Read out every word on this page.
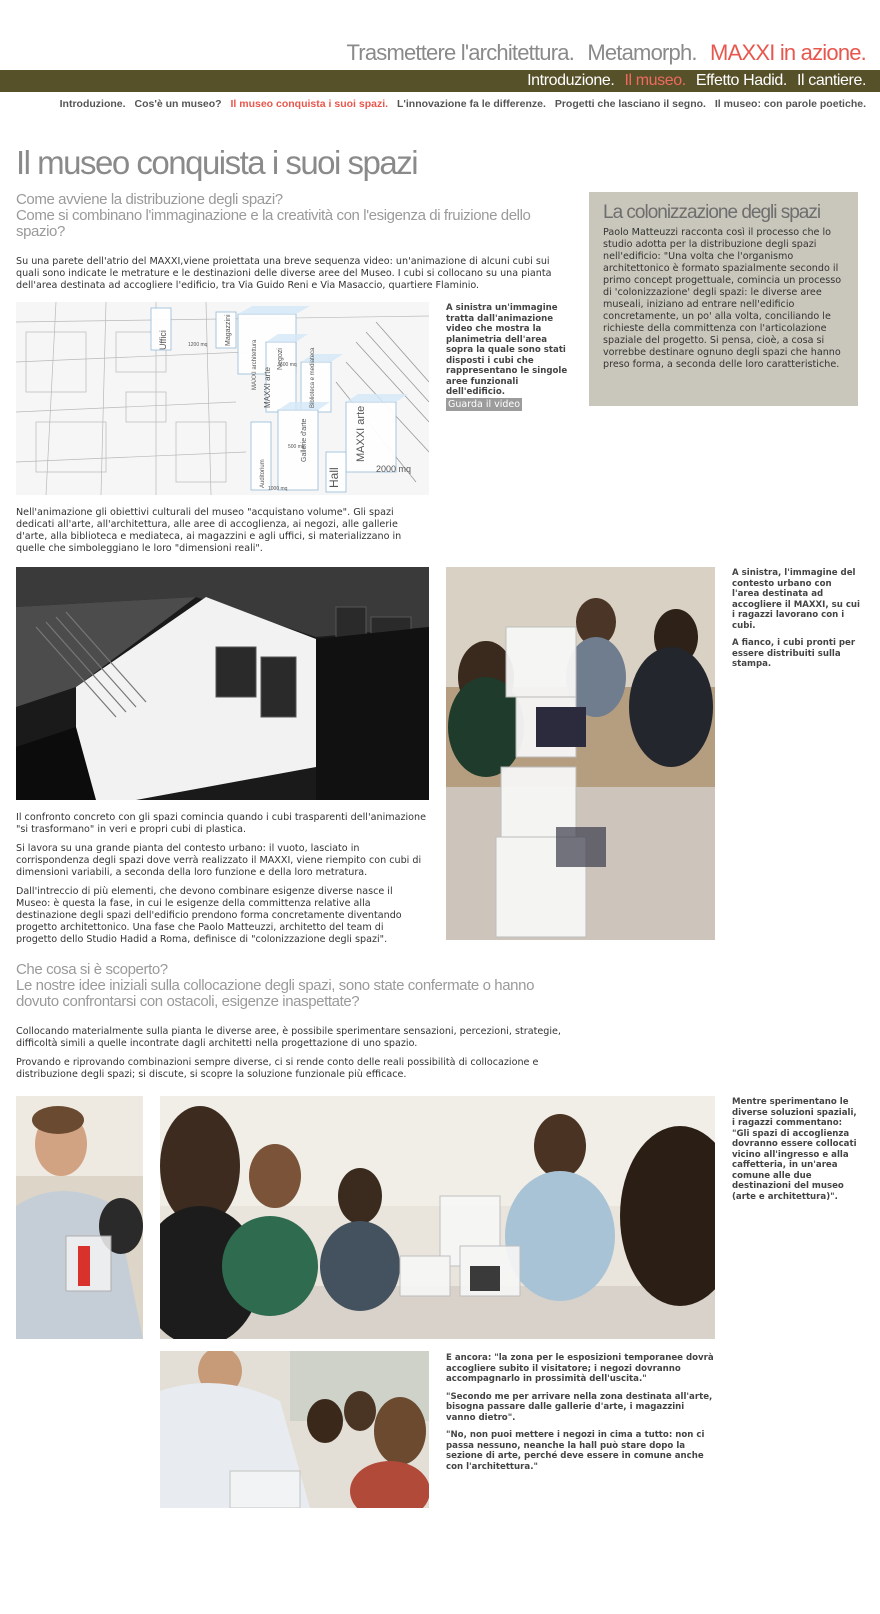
Trasmettere l'architettura. Metamorph. MAXXI in azione.
Introduzione. Il museo. Effetto Hadid. Il cantiere.
Introduzione. Cos'è un museo? Il museo conquista i suoi spazi. L'innovazione fa le differenze. Progetti che lasciano il segno. Il museo: con parole poetiche.
Il museo conquista i suoi spazi
Come avviene la distribuzione degli spazi?
Come si combinano l'immaginazione e la creatività con l'esigenza di fruizione dello spazio?

Su una parete dell'atrio del MAXXI,viene proiettata una breve sequenza video: un'animazione di alcuni cubi sui quali sono indicate le metrature e le destinazioni delle diverse aree del Museo. I cubi si collocano su una pianta dell'area destinata ad accogliere l'edificio, tra Via Guido Reni e Via Masaccio, quartiere Flaminio.

Uffici	Magazzini
Negozi	Biblioteca e mediateca
MAXXI architettura MAXXI arte
MAXXI arte
Gallerie d'arte
Auditorium	Hall	2000 mq
1000 mq
600 mq
500 mq
1200 mq
A sinistra un'immagine tratta dall'animazione video che mostra la planimetria dell'area sopra la quale sono stati disposti i cubi che rappresentano le singole aree funzionali dell'edificio.
Guarda il video
La colonizzazione degli spazi

Paolo Matteuzzi racconta così il processo che lo studio adotta per la distribuzione degli spazi nell'edificio: "Una volta che l'organismo architettonico è formato spazialmente secondo il primo concept progettuale, comincia un processo di 'colonizzazione' degli spazi: le diverse aree museali, iniziano ad entrare nell'edificio concretamente, un po' alla volta, conciliando le richieste della committenza con l'articolazione spaziale del progetto. Si pensa, cioè, a cosa si vorrebbe destinare ognuno degli spazi che hanno preso forma, a seconda delle loro caratteristiche.

Nell'animazione gli obiettivi culturali del museo "acquistano volume". Gli spazi dedicati all'arte, all'architettura, alle aree di accoglienza, ai negozi, alle gallerie d'arte, alla biblioteca e mediateca, ai magazzini e agli uffici, si materializzano in quelle che simboleggiano le loro "dimensioni reali".

A sinistra, l'immagine del contesto urbano con l'area destinata ad accogliere il MAXXI, su cui i ragazzi lavorano con i cubi.

A fianco, i cubi pronti per essere distribuiti sulla stampa.

Il confronto concreto con gli spazi comincia quando i cubi trasparenti dell'animazione "si trasformano" in veri e propri cubi di plastica.

Si lavora su una grande pianta del contesto urbano: il vuoto, lasciato in corrispondenza degli spazi dove verrà realizzato il MAXXI, viene riempito con cubi di dimensioni variabili, a seconda della loro funzione e della loro metratura.

Dall'intreccio di più elementi, che devono combinare esigenze diverse nasce il Museo: è questa la fase, in cui le esigenze della committenza relative alla destinazione degli spazi dell'edificio prendono forma concretamente diventando progetto architettonico. Una fase che Paolo Matteuzzi, architetto del team di progetto dello Studio Hadid a Roma, definisce di "colonizzazione degli spazi".

Che cosa si è scoperto?
Le nostre idee iniziali sulla collocazione degli spazi, sono state confermate o hanno dovuto confrontarsi con ostacoli, esigenze inaspettate?

Collocando materialmente sulla pianta le diverse aree, è possibile sperimentare sensazioni, percezioni, strategie, difficoltà simili a quelle incontrate dagli architetti nella progettazione di uno spazio.

Provando e riprovando combinazioni sempre diverse, ci si rende conto delle reali possibilità di collocazione e distribuzione degli spazi; si discute, si scopre la soluzione funzionale più efficace.

Mentre sperimentano le diverse soluzioni spaziali, i ragazzi commentano: "Gli spazi di accoglienza dovranno essere collocati vicino all'ingresso e alla caffetteria, in un'area comune alle due destinazioni del museo (arte e architettura)".

E ancora: "la zona per le esposizioni temporanee dovrà accogliere subito il visitatore; i negozi dovranno accompagnarlo in prossimità dell'uscita."

"Secondo me per arrivare nella zona destinata all'arte, bisogna passare dalle gallerie d'arte, i magazzini vanno dietro".

"No, non puoi mettere i negozi in cima a tutto: non ci passa nessuno, neanche la hall può stare dopo la sezione di arte, perché deve essere in comune anche con l'architettura."
